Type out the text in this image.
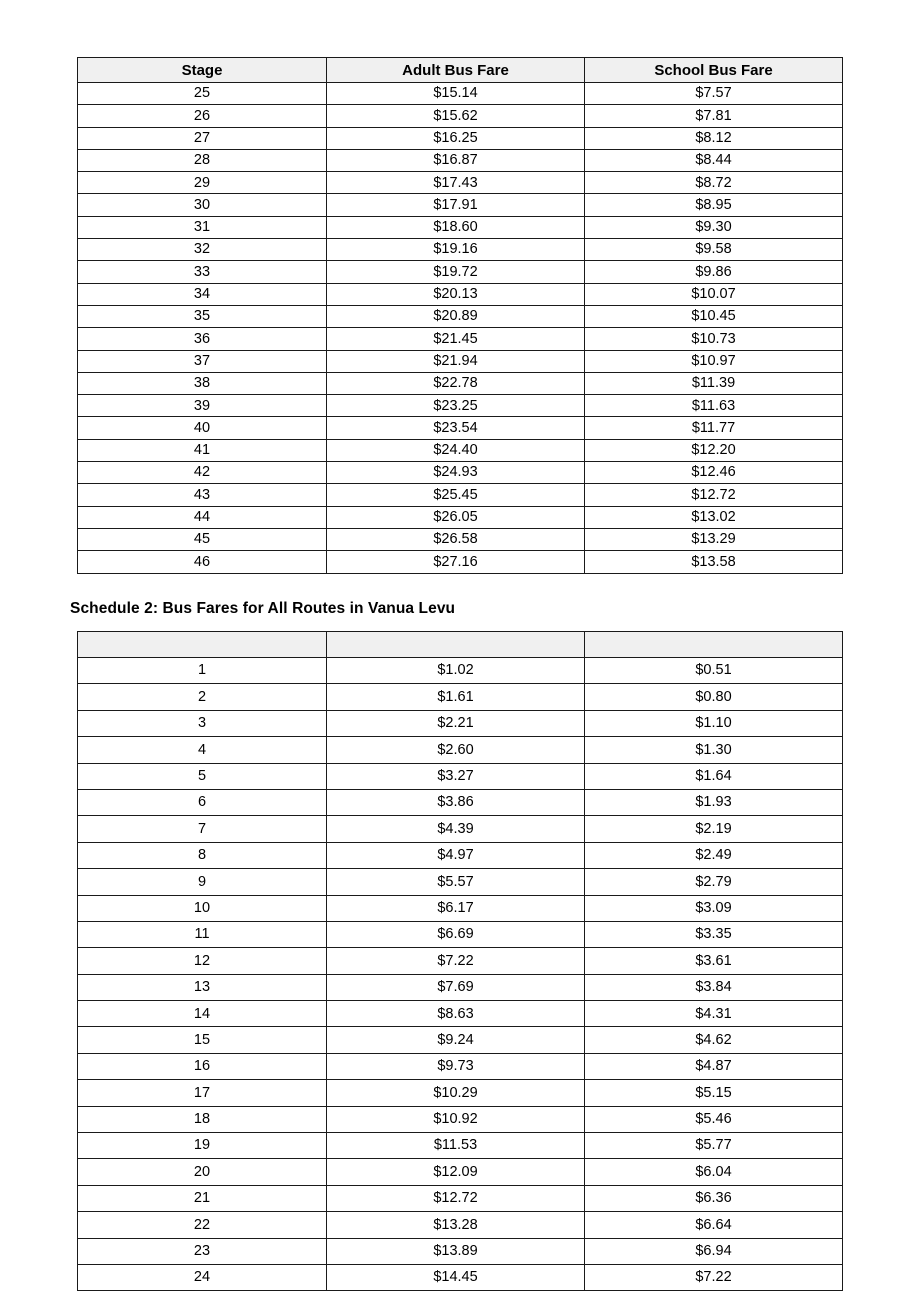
Stage	Adult Bus Fare	School Bus Fare
25	$15.14	$7.57
26	$15.62	$7.81
27	$16.25	$8.12
28	$16.87	$8.44
29	$17.43	$8.72
30	$17.91	$8.95
31	$18.60	$9.30
32	$19.16	$9.58
33	$19.72	$9.86
34	$20.13	$10.07
35	$20.89	$10.45
36	$21.45	$10.73
37	$21.94	$10.97
38	$22.78	$11.39
39	$23.25	$11.63
40	$23.54	$11.77
41	$24.40	$12.20
42	$24.93	$12.46
43	$25.45	$12.72
44	$26.05	$13.02
45	$26.58	$13.29
46	$27.16	$13.58
Schedule 2: Bus Fares for All Routes in Vanua Levu

1	$1.02	$0.51
2	$1.61	$0.80
3	$2.21	$1.10
4	$2.60	$1.30
5	$3.27	$1.64
6	$3.86	$1.93
7	$4.39	$2.19
8	$4.97	$2.49
9	$5.57	$2.79
10	$6.17	$3.09
11	$6.69	$3.35
12	$7.22	$3.61
13	$7.69	$3.84
14	$8.63	$4.31
15	$9.24	$4.62
16	$9.73	$4.87
17	$10.29	$5.15
18	$10.92	$5.46
19	$11.53	$5.77
20	$12.09	$6.04
21	$12.72	$6.36
22	$13.28	$6.64
23	$13.89	$6.94
24	$14.45	$7.22
